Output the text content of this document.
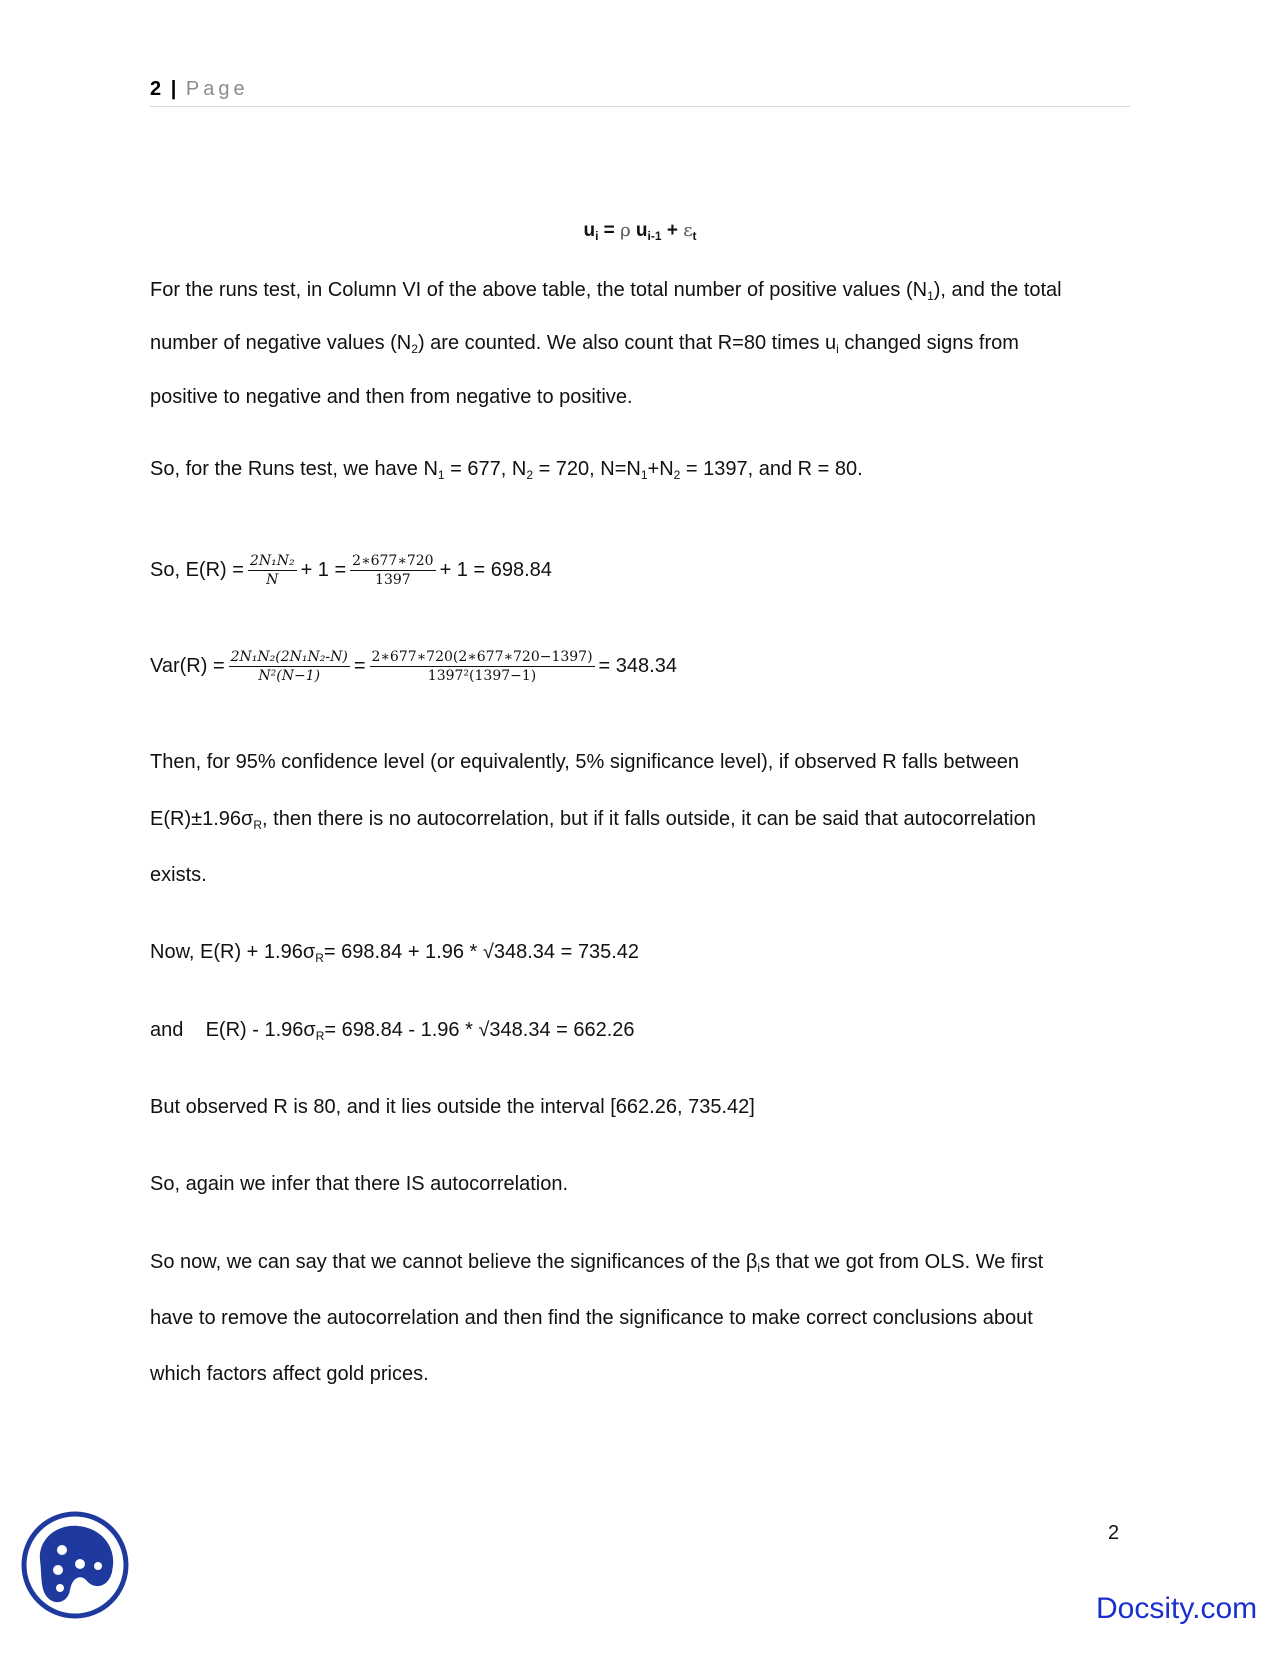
2 | Page
$u_i = \rho$ $u_{i-1} + \varepsilon_t$
For the runs test, in Column VI of the above table, the total number of positive values $(N_1)$, and the total
number of negative values $(N_2)$ are counted. We also count that R=80 times $u_i$ changed signs from
positive to negative and then from negative to positive.
So, for the Runs test, we have $N_1 = 677$, $N_2 = 720$, $N=N_1+N_2 = 1397$, and R = 80.
So, $E(R) = \frac{\text{2N₁N₂}}{N} + 1 = \frac{2∗677∗720}{1397} + 1 = 698.84$
$Var(R) = \frac{\text{2N₁N₂(2N₁N₂-N)}}{\text{N²(N−1)}} = \frac{2∗677∗720(2∗677∗720-1397)}{\text{1397²(1397−1)}} = 348.34$
Then, for 95% confidence level (or equivalently, 5% significance level), if observed R falls between
$E(R)\pm 1.96\sigma_R$, then there is no autocorrelation, but if it falls outside, it can be said that autocorrelation
exists.
Now, $E(R) + 1.96\sigma_R= 698.84 + 1.96 * √348.34 = 735.42$
and    $E(R) - 1.96\sigma_R= 698.84 - 1.96 * √348.34 = 662.26$
But observed R is 80, and it lies outside the interval [662.26, 735.42]
So, again we infer that there IS autocorrelation.
So now, we can say that we cannot believe the significances of the $\beta_is$ that we got from OLS. We first
have to remove the autocorrelation and then find the significance to make correct conclusions about
which factors affect gold prices.
2
Docsity.com
